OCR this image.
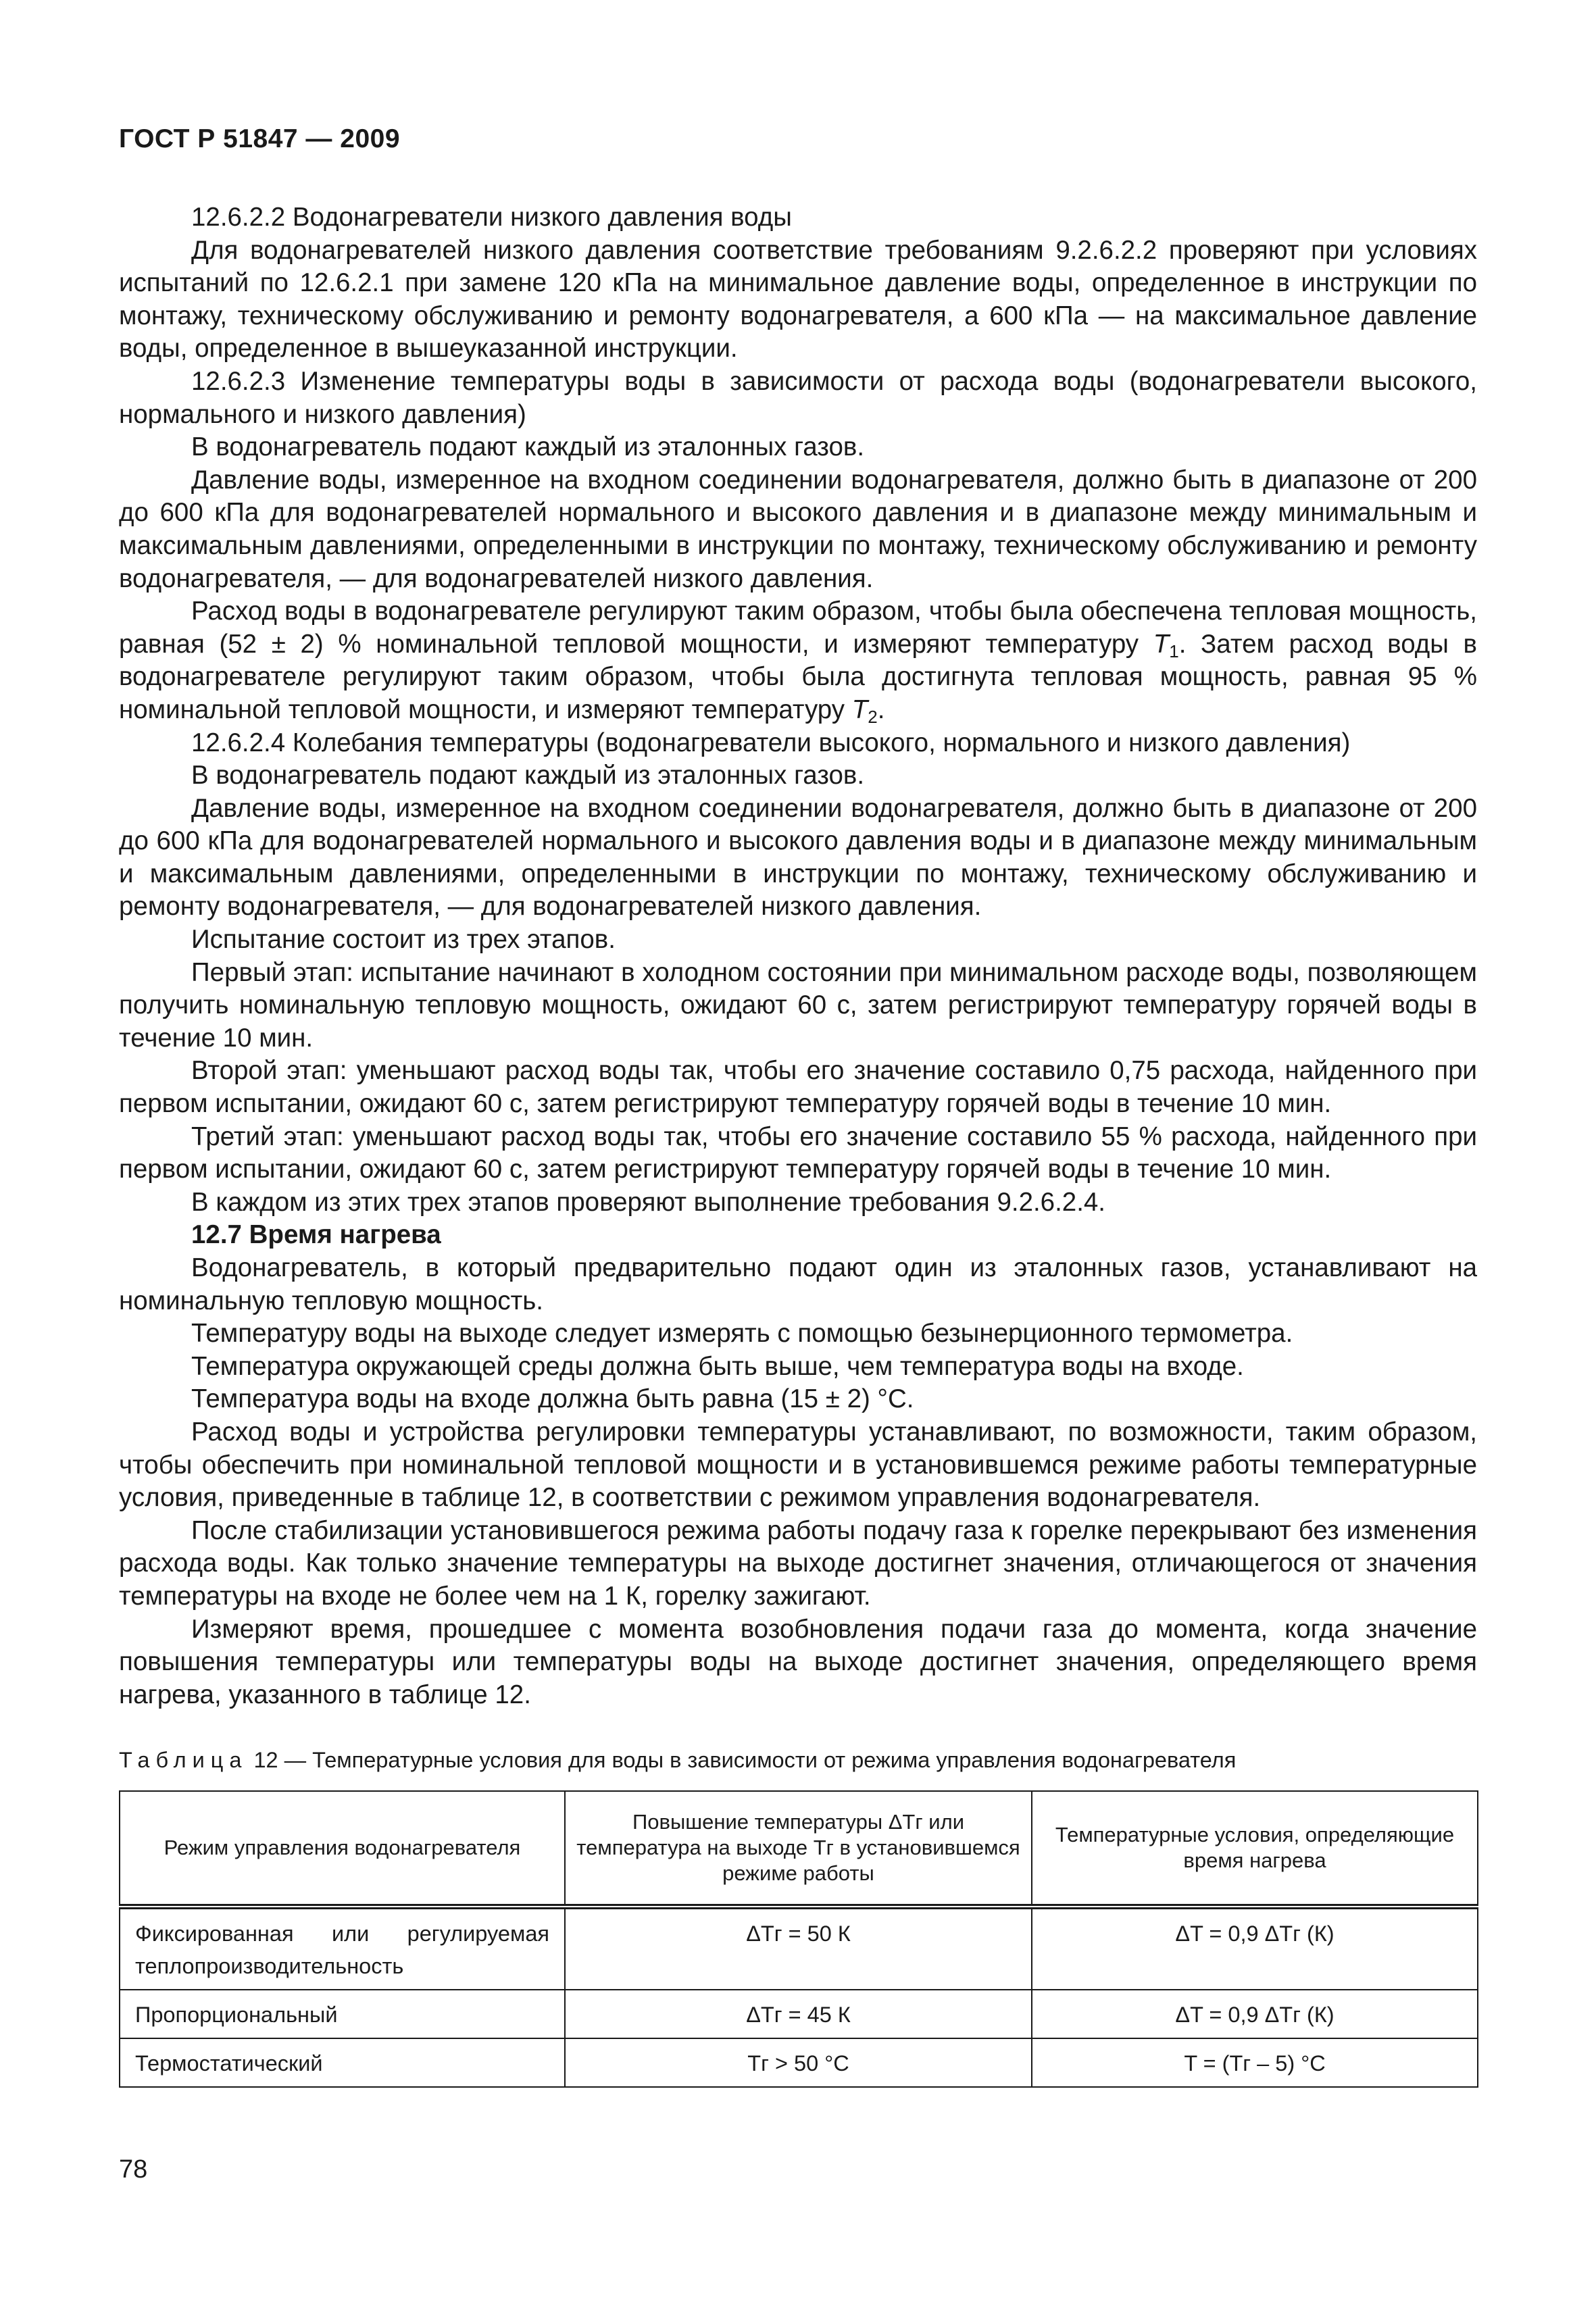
ГОСТ Р 51847 — 2009

12.6.2.2 Водонагреватели низкого давления воды

Для водонагревателей низкого давления соответствие требованиям 9.2.6.2.2 проверяют при условиях испытаний по 12.6.2.1 при замене 120 кПа на минимальное давление воды, определенное в инструкции по монтажу, техническому обслуживанию и ремонту водонагревателя, а 600 кПа — на максимальное давление воды, определенное в вышеуказанной инструкции.

12.6.2.3 Изменение температуры воды в зависимости от расхода воды (водонагреватели высокого, нормального и низкого давления)

В водонагреватель подают каждый из эталонных газов.

Давление воды, измеренное на входном соединении водонагревателя, должно быть в диапазоне от 200 до 600 кПа для водонагревателей нормального и высокого давления и в диапазоне между минимальным и максимальным давлениями, определенными в инструкции по монтажу, техническому обслуживанию и ремонту водонагревателя, — для водонагревателей низкого давления.

Расход воды в водонагревателе регулируют таким образом, чтобы была обеспечена тепловая мощность, равная (52 ± 2) % номинальной тепловой мощности, и измеряют температуру $T_1$. Затем расход воды в водонагревателе регулируют таким образом, чтобы была достигнута тепловая мощность, равная 95 % номинальной тепловой мощности, и измеряют температуру $T_2$.

12.6.2.4 Колебания температуры (водонагреватели высокого, нормального и низкого давления)

В водонагреватель подают каждый из эталонных газов.

Давление воды, измеренное на входном соединении водонагревателя, должно быть в диапазоне от 200 до 600 кПа для водонагревателей нормального и высокого давления воды и в диапазоне между минимальным и максимальным давлениями, определенными в инструкции по монтажу, техническому обслуживанию и ремонту водонагревателя, — для водонагревателей низкого давления.

Испытание состоит из трех этапов.

Первый этап: испытание начинают в холодном состоянии при минимальном расходе воды, позволяющем получить номинальную тепловую мощность, ожидают 60 с, затем регистрируют температуру горячей воды в течение 10 мин.

Второй этап: уменьшают расход воды так, чтобы его значение составило 0,75 расхода, найденного при первом испытании, ожидают 60 с, затем регистрируют температуру горячей воды в течение 10 мин.

Третий этап: уменьшают расход воды так, чтобы его значение составило 55 % расхода, найденного при первом испытании, ожидают 60 с, затем регистрируют температуру горячей воды в течение 10 мин.

В каждом из этих трех этапов проверяют выполнение требования 9.2.6.2.4.

12.7 Время нагрева

Водонагреватель, в который предварительно подают один из эталонных газов, устанавливают на номинальную тепловую мощность.

Температуру воды на выходе следует измерять с помощью безынерционного термометра.

Температура окружающей среды должна быть выше, чем температура воды на входе.

Температура воды на входе должна быть равна (15 ± 2) °С.

Расход воды и устройства регулировки температуры устанавливают, по возможности, таким образом, чтобы обеспечить при номинальной тепловой мощности и в установившемся режиме работы температурные условия, приведенные в таблице 12, в соответствии с режимом управления водонагревателя.

После стабилизации установившегося режима работы подачу газа к горелке перекрывают без изменения расхода воды. Как только значение температуры на выходе достигнет значения, отличающегося от значения температуры на входе не более чем на 1 К, горелку зажигают.

Измеряют время, прошедшее с момента возобновления подачи газа до момента, когда значение повышения температуры или температуры воды на выходе достигнет значения, определяющего время нагрева, указанного в таблице 12.

Таблица 12 — Температурные условия для воды в зависимости от режима управления водонагревателя
Режим управления водонагревателя	Повышение температуры ΔTг или температура на выходе Tг в установившемся режиме работы	Температурные условия, определяющие время нагрева
Фиксированная или регулируемая теплопроизводительность	ΔTг = 50 К	ΔT = 0,9 ΔTг (К)
Пропорциональный	ΔTг = 45 К	ΔT = 0,9 ΔTг (К)
Термостатический	Tг > 50 °С	T = (Tг – 5) °С
78
